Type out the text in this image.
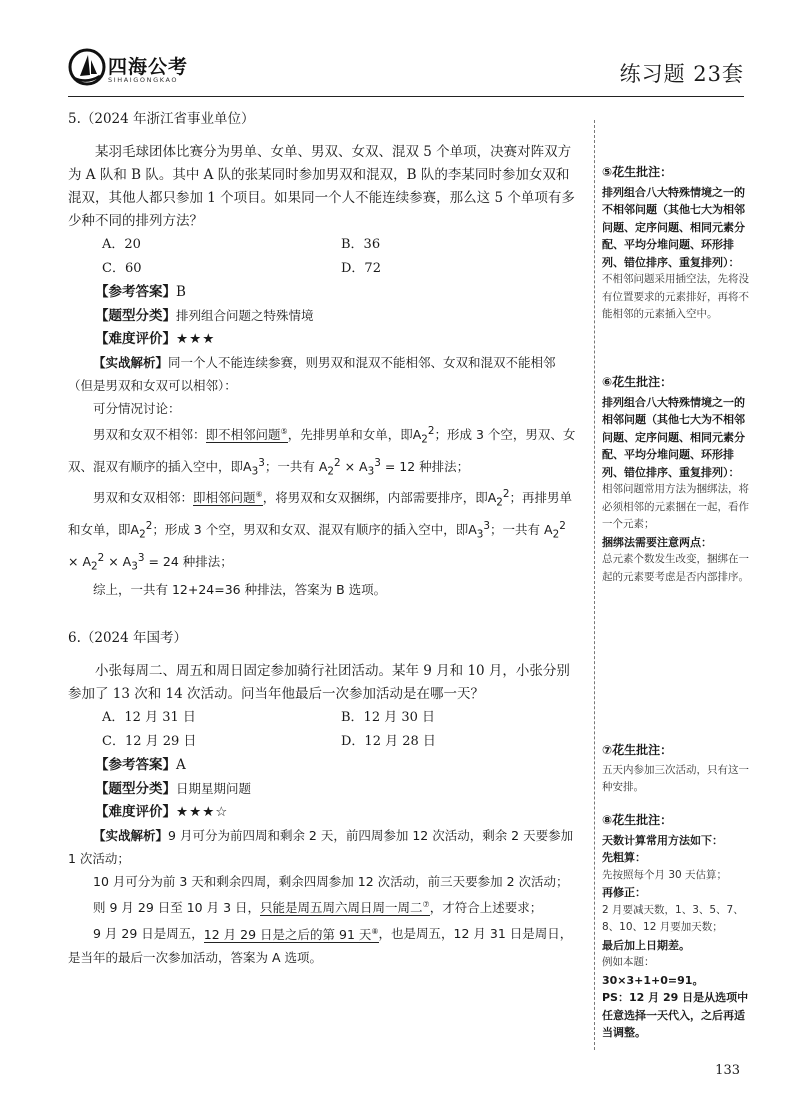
四海公考
SIHAIGONGKAO	练习题 23套

5.（2024 年浙江省事业单位）

某羽毛球团体比赛分为男单、女单、男双、女双、混双 5 个单项，决赛对阵双方为 A 队和 B 队。其中 A 队的张某同时参加男双和混双，B 队的李某同时参加女双和混双，其他人都只参加 1 个项目。如果同一个人不能连续参赛，那么这 5 个单项有多少种不同的排列方法？

A．20	B．36
C．60	D．72

【参考答案】B

【题型分类】排列组合问题之特殊情境

【难度评价】★★★

【实战解析】同一个人不能连续参赛，则男双和混双不能相邻、女双和混双不能相邻（但是男双和女双可以相邻）：

可分情况讨论：

男双和女双不相邻：即不相邻问题⑤，先排男单和女单，即$A_2^2$；形成 3 个空，男双、女双、混双有顺序的插入空中，即$A_3^3$；一共有 $A_2^2 \times A_3^3 = 12$ 种排法；

男双和女双相邻：即相邻问题⑥，将男双和女双捆绑，内部需要排序，即$A_2^2$；再排男单和女单，即$A_2^2$；形成 3 个空，男双和女双、混双有顺序的插入空中，即$A_3^3$；一共有 $A_2^2 \times A_2^2 \times A_3^3 = 24$ 种排法；

综上，一共有 12+24=36 种排法，答案为 B 选项。

6.（2024 年国考）

小张每周二、周五和周日固定参加骑行社团活动。某年 9 月和 10 月，小张分别参加了 13 次和 14 次活动。问当年他最后一次参加活动是在哪一天？

A．12 月 31 日	B．12 月 30 日
C．12 月 29 日	D．12 月 28 日

【参考答案】A

【题型分类】日期星期问题

【难度评价】★★★☆

【实战解析】9 月可分为前四周和剩余 2 天，前四周参加 12 次活动，剩余 2 天要参加 1 次活动；

10 月可分为前 3 天和剩余四周，剩余四周参加 12 次活动，前三天要参加 2 次活动；

则 9 月 29 日至 10 月 3 日，只能是周五周六周日周一周二⑦，才符合上述要求；

9 月 29 日是周五，12 月 29 日是之后的第 91 天⑧，也是周五，12 月 31 日是周日，是当年的最后一次参加活动，答案为 A 选项。

⑤花生批注：
排列组合八大特殊情境之一的不相邻问题（其他七大为相邻问题、定序问题、相同元素分配、平均分堆问题、环形排列、错位排序、重复排列）：
不相邻问题采用插空法，先将没有位置要求的元素排好，再将不能相邻的元素插入空中。
⑥花生批注：
排列组合八大特殊情境之一的相邻问题（其他七大为不相邻问题、定序问题、相同元素分配、平均分堆问题、环形排列、错位排序、重复排列）：
相邻问题常用方法为捆绑法，将必须相邻的元素捆在一起，看作一个元素；
捆绑法需要注意两点：
总元素个数发生改变，捆绑在一起的元素要考虑是否内部排序。
⑦花生批注：
五天内参加三次活动，只有这一种安排。
⑧花生批注：
天数计算常用方法如下：
先粗算：
先按照每个月 30 天估算；
再修正：
2 月要减天数，1、3、5、7、8、10、12 月要加天数；
最后加上日期差。
例如本题：
30×3+1+0=91。
PS：12 月 29 日是从选项中任意选择一天代入，之后再适当调整。
133
